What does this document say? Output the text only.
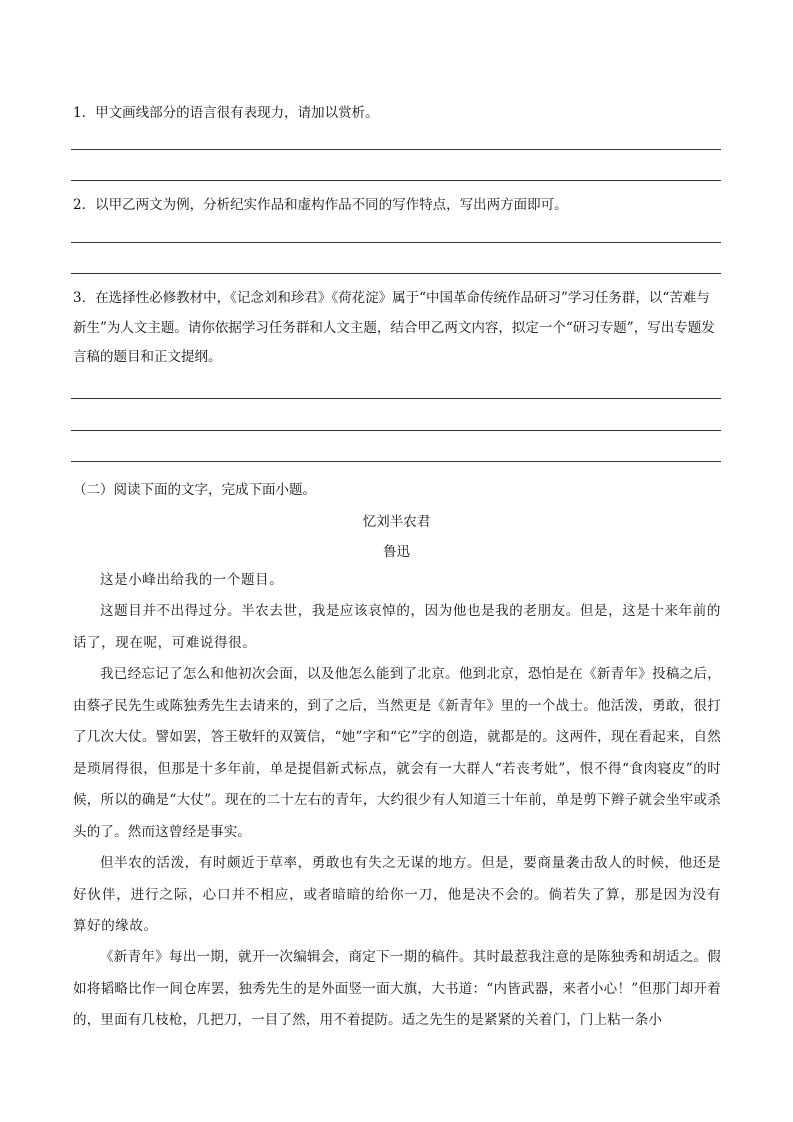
1．甲文画线部分的语言很有表现力，请加以赏析。
2．以甲乙两文为例，分析纪实作品和虚构作品不同的写作特点，写出两方面即可。
3．在选择性必修教材中，《记念刘和珍君》《荷花淀》属于“中国革命传统作品研习”学习任务群，以“苦难与新生”为人文主题。请你依据学习任务群和人文主题，结合甲乙两文内容，拟定一个“研习专题”，写出专题发言稿的题目和正文提纲。
（二）阅读下面的文字，完成下面小题。
忆刘半农君
鲁迅
这是小峰出给我的一个题目。
这题目并不出得过分。半农去世，我是应该哀悼的，因为他也是我的老朋友。但是，这是十来年前的话了，现在呢，可难说得很。
我已经忘记了怎么和他初次会面，以及他怎么能到了北京。他到北京，恐怕是在《新青年》投稿之后，由蔡孑民先生或陈独秀先生去请来的，到了之后，当然更是《新青年》里的一个战士。他活泼，勇敢，很打了几次大仗。譬如罢，答王敬轩的双簧信，“她”字和“它”字的创造，就都是的。这两件，现在看起来，自然是琐屑得很，但那是十多年前，单是提倡新式标点，就会有一大群人“若丧考妣”，恨不得“食肉寝皮”的时候，所以的确是“大仗”。现在的二十左右的青年，大约很少有人知道三十年前，单是剪下辫子就会坐牢或杀头的了。然而这曾经是事实。
但半农的活泼，有时颇近于草率，勇敢也有失之无谋的地方。但是，要商量袭击敌人的时候，他还是好伙伴，进行之际，心口并不相应，或者暗暗的给你一刀，他是决不会的。倘若失了算，那是因为没有算好的缘故。
《新青年》每出一期，就开一次编辑会，商定下一期的稿件。其时最惹我注意的是陈独秀和胡适之。假如将韬略比作一间仓库罢，独秀先生的是外面竖一面大旗，大书道：“内皆武器，来者小心！”但那门却开着的，里面有几枝枪，几把刀，一目了然，用不着提防。适之先生的是紧紧的关着门，门上粘一条小
